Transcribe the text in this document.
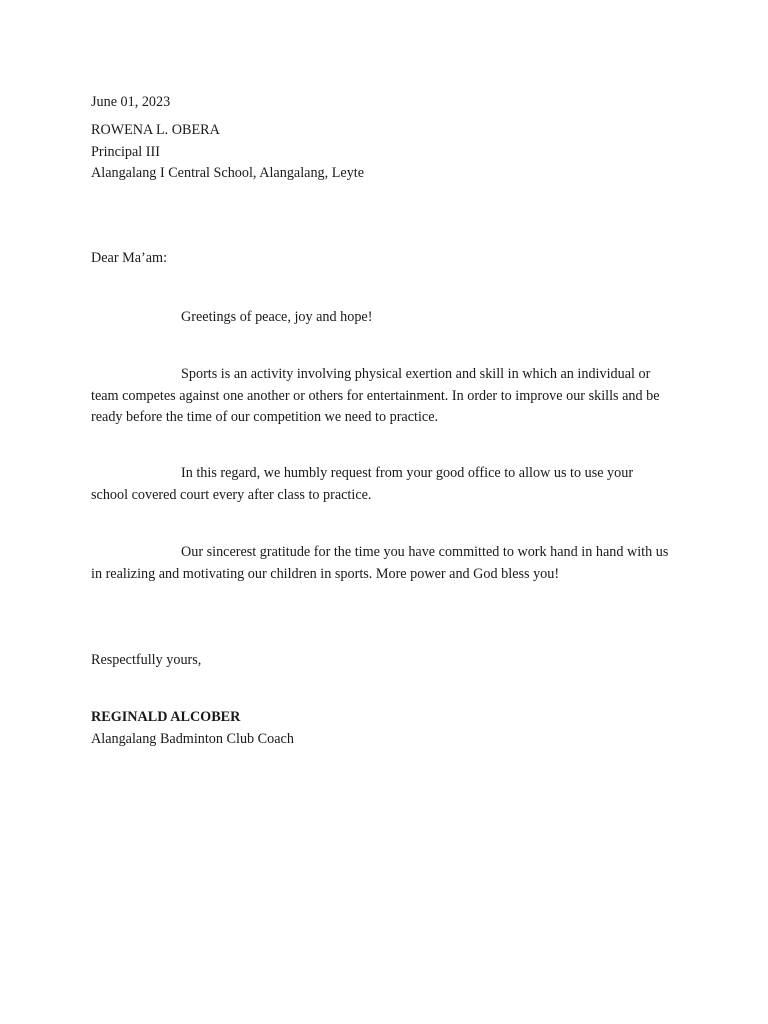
June 01, 2023
ROWENA L. OBERA
Principal III
Alangalang I Central School, Alangalang, Leyte
Dear Ma’am:
Greetings of peace, joy and hope!
Sports is an activity involving physical exertion and skill in which an individual or team competes against one another or others for entertainment. In order to improve our skills and be ready before the time of our competition we need to practice.
In this regard, we humbly request from your good office to allow us to use your school covered court every after class to practice.
Our sincerest gratitude for the time you have committed to work hand in hand with us in realizing and motivating our children in sports. More power and God bless you!
Respectfully yours,
REGINALD ALCOBER
Alangalang Badminton Club Coach
